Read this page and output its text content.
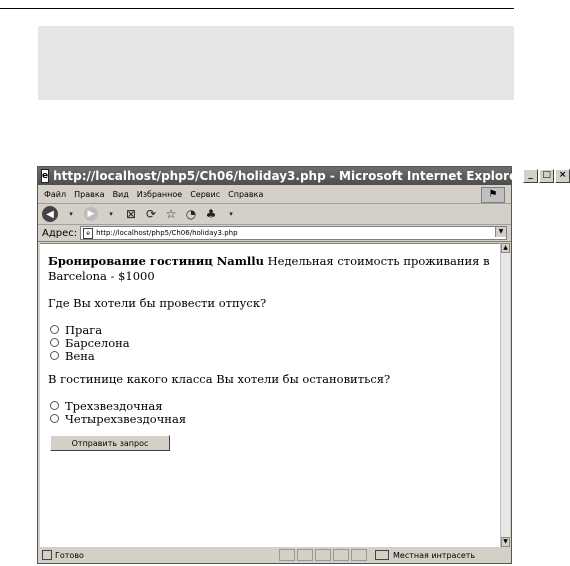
e http://localhost/php5/Ch06/holiday3.php - Microsoft Internet Explorer _	□ ×
Файл Правка Вид Избранное Сервис Справка	⚑
◀	▾	▶	▾	⊠ ⟳ ☆ ◔ ♣	▾
Адрес:	e http://localhost/php5/Ch06/holiday3.php	▼

Бронирование гостиниц Namllu Недельная стоимость проживания в Barcelona - $1000

Где Вы хотели бы провести отпуск?

Прага
Барселона
Вена

В гостинице какого класса Вы хотели бы остановиться?

Трехзвездочная
Четырехзвездочная
Отправить запрос
▲
▼
Готово	Местная интрасеть
